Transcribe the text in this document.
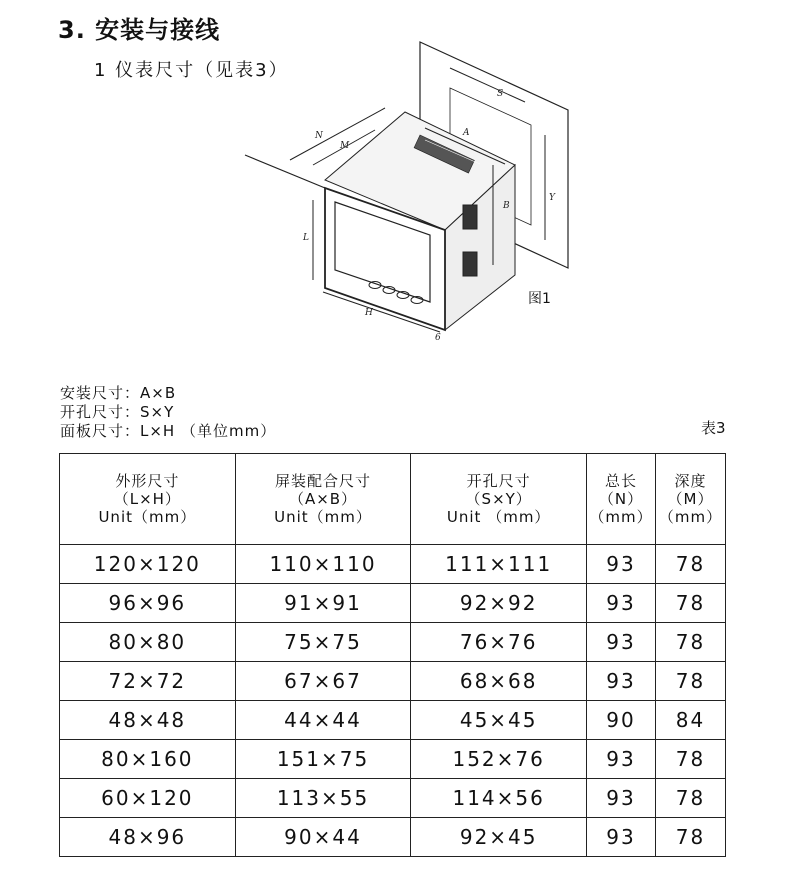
3. 安装与接线
1 仪表尺寸（见表3）
N
M
A
S
B
Y
L
H
6
图1
安装尺寸：A×B
开孔尺寸：S×Y
面板尺寸：L×H （单位mm）	表3
外形尺寸
（L×H）
Unit（mm）	屏装配合尺寸
（A×B）
Unit（mm）	开孔尺寸
（S×Y）
Unit （mm）	总长
（N）
（mm）	深度
（M）
（mm）

120×120	110×110	111×111	93	78
96×96	91×91	92×92	93	78
80×80	75×75	76×76	93	78
72×72	67×67	68×68	93	78
48×48	44×44	45×45	90	84
80×160	151×75	152×76	93	78
60×120	113×55	114×56	93	78
48×96	90×44	92×45	93	78
